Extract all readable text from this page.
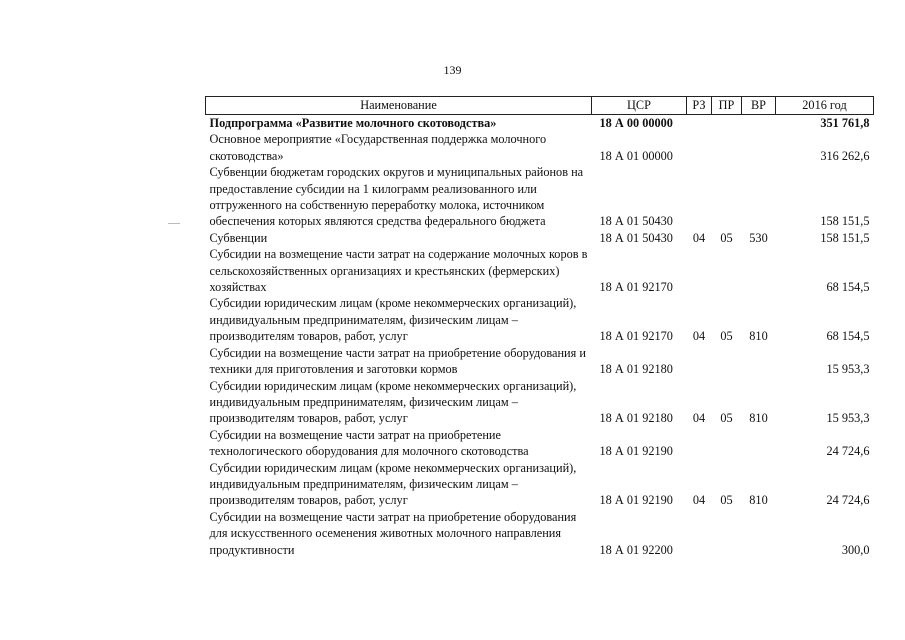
139
Наименование	ЦСР	РЗ	ПР	ВР	2016 год
Подпрограмма «Развитие молочного скотоводства»	18 А 00 00000				351 761,8
Основное мероприятие «Государственная поддержка молочного скотоводства»	18 А 01 00000				316 262,6
Субвенции бюджетам городских округов и муниципальных районов на предоставление субсидии на 1 килограмм реализованного или отгруженного на собственную переработку молока, источником обеспечения которых являются средства федерального бюджета	18 А 01 50430				158 151,5
Субвенции	18 А 01 50430	04	05	530	158 151,5
Субсидии на возмещение части затрат на содержание молочных коров в сельскохозяйственных организациях и крестьянских (фермерских) хозяйствах	18 А 01 92170				68 154,5
Субсидии юридическим лицам (кроме некоммерческих организаций), индивидуальным предпринимателям, физическим лицам – производителям товаров, работ, услуг	18 А 01 92170	04	05	810	68 154,5
Субсидии на возмещение части затрат на приобретение оборудования и техники для приготовления и заготовки кормов	18 А 01 92180				15 953,3
Субсидии юридическим лицам (кроме некоммерческих организаций), индивидуальным предпринимателям, физическим лицам – производителям товаров, работ, услуг	18 А 01 92180	04	05	810	15 953,3
Субсидии на возмещение части затрат на приобретение технологического оборудования для молочного скотоводства	18 А 01 92190				24 724,6
Субсидии юридическим лицам (кроме некоммерческих организаций), индивидуальным предпринимателям, физическим лицам – производителям товаров, работ, услуг	18 А 01 92190	04	05	810	24 724,6
Субсидии на возмещение части затрат на приобретение оборудования для искусственного осеменения животных молочного направления продуктивности	18 А 01 92200				300,0
